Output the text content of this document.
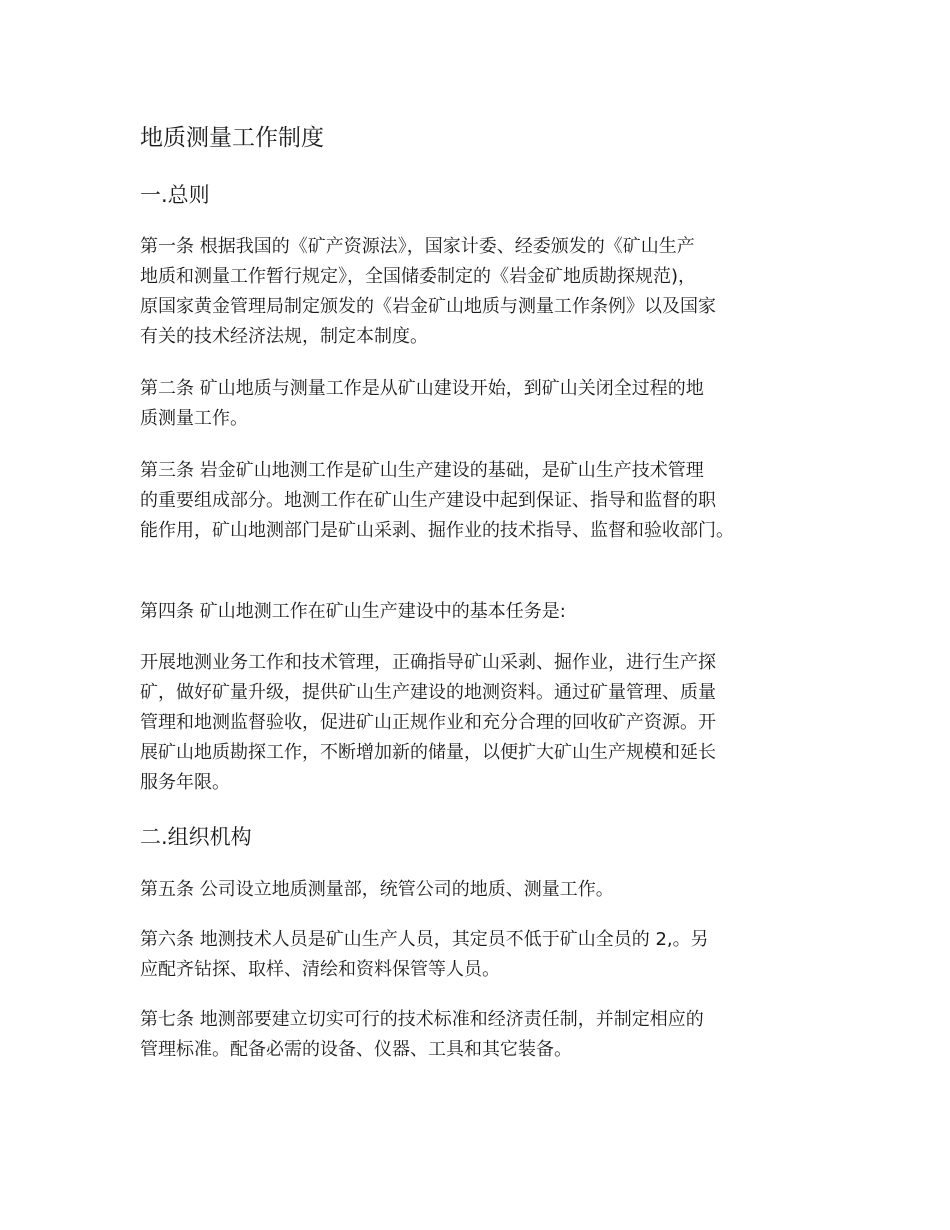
地质测量工作制度
一.总则
第一条 根据我国的《矿产资源法》，国家计委、经委颁发的《矿山生产
地质和测量工作暂行规定》，全国储委制定的《岩金矿地质勘探规范)，
原国家黄金管理局制定颁发的《岩金矿山地质与测量工作条例》以及国家
有关的技术经济法规，制定本制度。
第二条 矿山地质与测量工作是从矿山建设开始，到矿山关闭全过程的地
质测量工作。
第三条 岩金矿山地测工作是矿山生产建设的基础，是矿山生产技术管理
的重要组成部分。地测工作在矿山生产建设中起到保证、指导和监督的职
能作用，矿山地测部门是矿山采剥、掘作业的技术指导、监督和验收部门。
第四条 矿山地测工作在矿山生产建设中的基本任务是:
开展地测业务工作和技术管理，正确指导矿山采剥、掘作业，进行生产探
矿，做好矿量升级，提供矿山生产建设的地测资料。通过矿量管理、质量
管理和地测监督验收，促进矿山正规作业和充分合理的回收矿产资源。开
展矿山地质勘探工作，不断增加新的储量，以便扩大矿山生产规模和延长
服务年限。
二.组织机构
第五条 公司设立地质测量部，统管公司的地质、测量工作。
第六条 地测技术人员是矿山生产人员，其定员不低于矿山全员的 2,。另
应配齐钻探、取样、清绘和资料保管等人员。
第七条 地测部要建立切实可行的技术标准和经济责任制，并制定相应的
管理标准。配备必需的设备、仪器、工具和其它装备。
